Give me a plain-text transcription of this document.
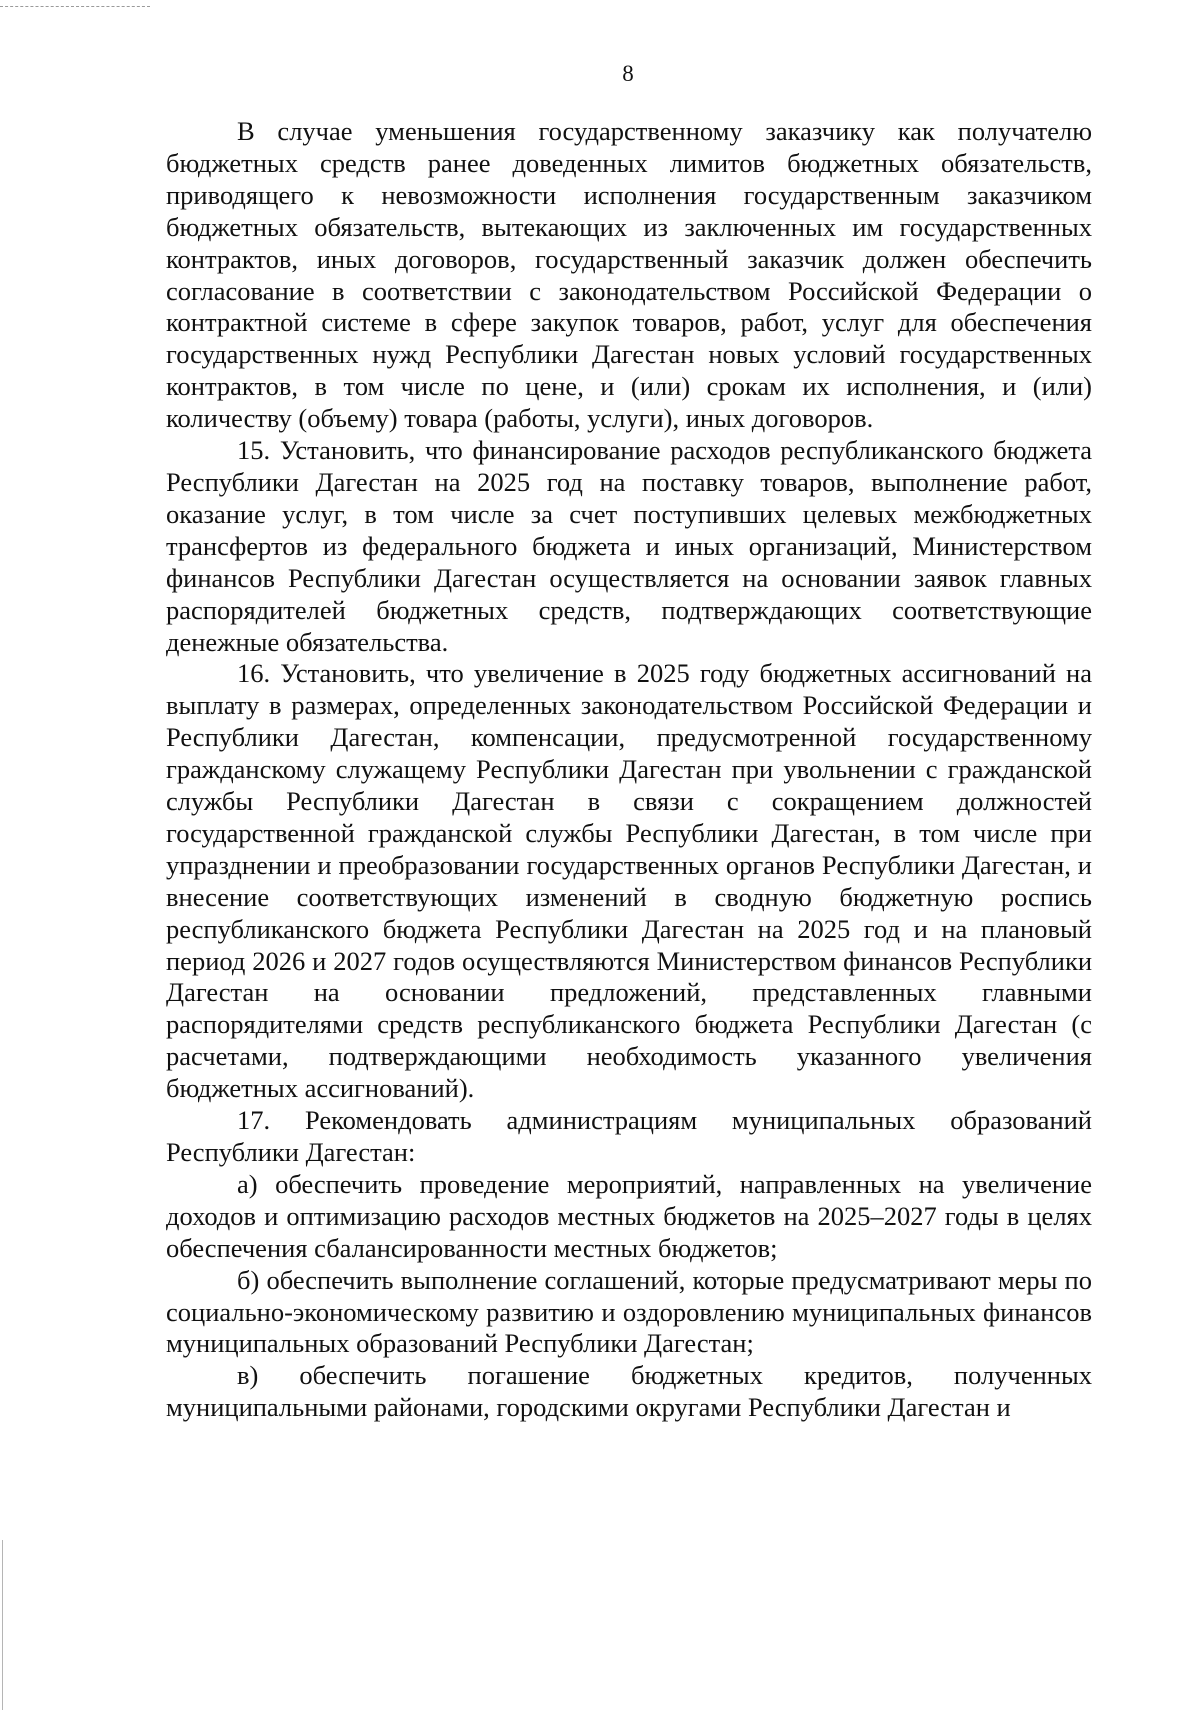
8

В случае уменьшения государственному заказчику как получателю бюджетных средств ранее доведенных лимитов бюджетных обязательств, приводящего к невозможности исполнения государственным заказчиком бюджетных обязательств, вытекающих из заключенных им государственных контрактов, иных договоров, государственный заказчик должен обеспечить согласование в соответствии с законодательством Российской Федерации о контрактной системе в сфере закупок товаров, работ, услуг для обеспечения государственных нужд Республики Дагестан новых условий государственных контрактов, в том числе по цене, и (или) срокам их исполнения, и (или) количеству (объему) товара (работы, услуги), иных договоров.

15. Установить, что финансирование расходов республиканского бюджета Республики Дагестан на 2025 год на поставку товаров, выполнение работ, оказание услуг, в том числе за счет поступивших целевых межбюджетных трансфертов из федерального бюджета и иных организаций, Министерством финансов Республики Дагестан осуществляется на основании заявок главных распорядителей бюджетных средств, подтверждающих соответствующие денежные обязательства.

16. Установить, что увеличение в 2025 году бюджетных ассигнований на выплату в размерах, определенных законодательством Российской Федерации и Республики Дагестан, компенсации, предусмотренной государственному гражданскому служащему Республики Дагестан при увольнении с гражданской службы Республики Дагестан в связи с сокращением должностей государственной гражданской службы Республики Дагестан, в том числе при упразднении и преобразовании государственных органов Республики Дагестан, и внесение соответствующих изменений в сводную бюджетную роспись республиканского бюджета Республики Дагестан на 2025 год и на плановый период 2026 и 2027 годов осуществляются Министерством финансов Республики Дагестан на основании предложений, представленных главными распорядителями средств республиканского бюджета Республики Дагестан (с расчетами, подтверждающими необходимость указанного увеличения бюджетных ассигнований).

17. Рекомендовать администрациям муниципальных образований Республики Дагестан:

а) обеспечить проведение мероприятий, направленных на увеличение доходов и оптимизацию расходов местных бюджетов на 2025–2027 годы в целях обеспечения сбалансированности местных бюджетов;

б) обеспечить выполнение соглашений, которые предусматривают меры по социально-экономическому развитию и оздоровлению муниципальных финансов муниципальных образований Республики Дагестан;

в) обеспечить погашение бюджетных кредитов, полученных муниципальными районами, городскими округами Республики Дагестан и
